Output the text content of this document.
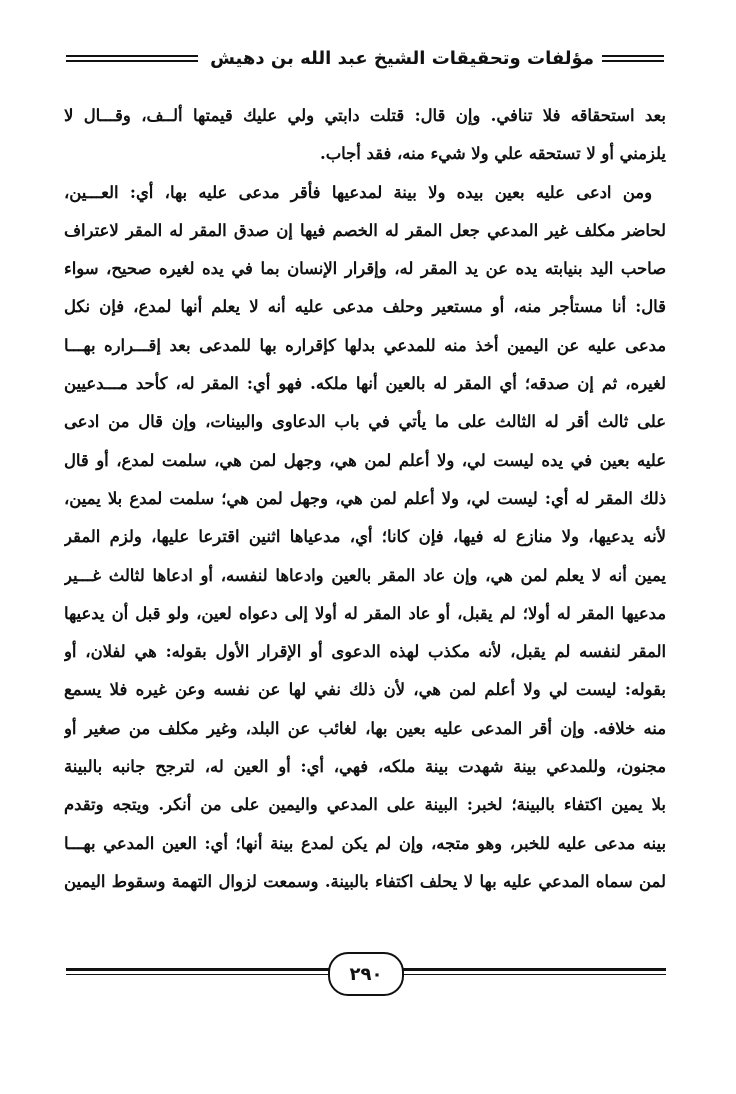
مؤلفات وتحقيقات الشيخ عبد الله بن دهيش
بعد استحقاقه فلا تنافي. وإن قال: قتلت دابتي ولي عليك قيمتها ألــف، وقـــال لا
يلزمني أو لا تستحقه علي ولا شيء منه، فقد أجاب.
ومن ادعى عليه بعين بيده ولا بينة لمدعيها فأقر مدعى عليه بها، أي: العـــين،
لحاضر مكلف غير المدعي جعل المقر له الخصم فيها إن صدق المقر له المقر لاعتراف
صاحب اليد بنيابته يده عن يد المقر له، وإقرار الإنسان بما في يده لغيره صحيح، سواء
قال: أنا مستأجر منه، أو مستعير وحلف مدعى عليه أنه لا يعلم أنها لمدع، فإن نكل
مدعى عليه عن اليمين أخذ منه للمدعي بدلها كإقراره بها للمدعى بعد إقـــراره بهـــا
لغيره، ثم إن صدقه؛ أي المقر له بالعين أنها ملكه. فهو أي: المقر له، كأحد مـــدعيين
على ثالث أقر له الثالث على ما يأتي في باب الدعاوى والبينات، وإن قال من ادعى
عليه بعين في يده ليست لي، ولا أعلم لمن هي، وجهل لمن هي، سلمت لمدع، أو قال
ذلك المقر له أي: ليست لي، ولا أعلم لمن هي، وجهل لمن هي؛ سلمت لمدع بلا يمين،
لأنه يدعيها، ولا منازع له فيها، فإن كانا؛ أي، مدعياها اثنين اقترعا عليها، ولزم المقر
يمين أنه لا يعلم لمن هي، وإن عاد المقر بالعين وادعاها لنفسه، أو ادعاها لثالث غـــير
مدعيها المقر له أولا؛ لم يقبل، أو عاد المقر له أولا إلى دعواه لعين، ولو قبل أن يدعيها
المقر لنفسه لم يقبل، لأنه مكذب لهذه الدعوى أو الإقرار الأول بقوله: هي لفلان، أو
بقوله: ليست لي ولا أعلم لمن هي، لأن ذلك نفي لها عن نفسه وعن غيره فلا يسمع
منه خلافه. وإن أقر المدعى عليه بعين بها، لغائب عن البلد، وغير مكلف من صغير أو
مجنون، وللمدعي بينة شهدت بينة ملكه، فهي، أي: أو العين له، لترجح جانبه بالبينة
بلا يمين اكتفاء بالبينة؛ لخبر: البينة على المدعي واليمين على من أنكر. ويتجه وتقدم
بينه مدعى عليه للخبر، وهو متجه، وإن لم يكن لمدع بينة أنها؛ أي: العين المدعي بهـــا
لمن سماه المدعي عليه بها لا يحلف اكتفاء بالبينة. وسمعت لزوال التهمة وسقوط اليمين
٢٩٠
